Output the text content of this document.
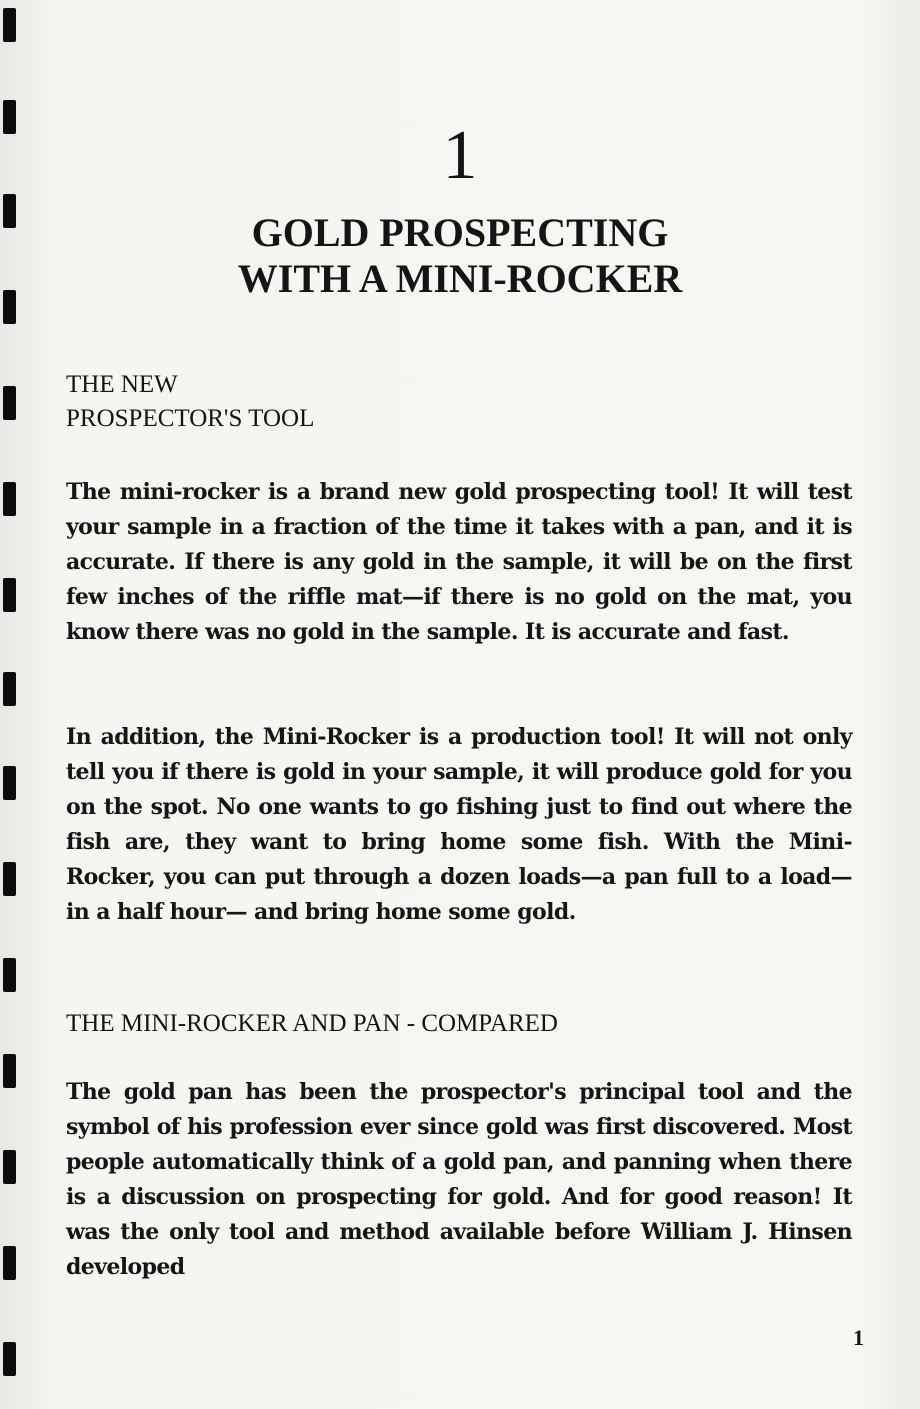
1
GOLD PROSPECTING
WITH A MINI-ROCKER
THE NEW
PROSPECTOR'S TOOL

The mini-rocker is a brand new gold prospecting tool! It will test your sample in a fraction of the time it takes with a pan, and it is accurate. If there is any gold in the sample, it will be on the first few inches of the riffle mat—if there is no gold on the mat, you know there was no gold in the sample. It is accurate and fast.

In addition, the Mini-Rocker is a production tool! It will not only tell you if there is gold in your sample, it will produce gold for you on the spot. No one wants to go fishing just to find out where the fish are, they want to bring home some fish. With the Mini-Rocker, you can put through a dozen loads—a pan full to a load—in a half hour— and bring home some gold.

THE MINI-ROCKER AND PAN - COMPARED

The gold pan has been the prospector's principal tool and the symbol of his profession ever since gold was first discovered. Most people automatically think of a gold pan, and panning when there is a discussion on prospecting for gold. And for good reason! It was the only tool and method available before William J. Hinsen developed

1
